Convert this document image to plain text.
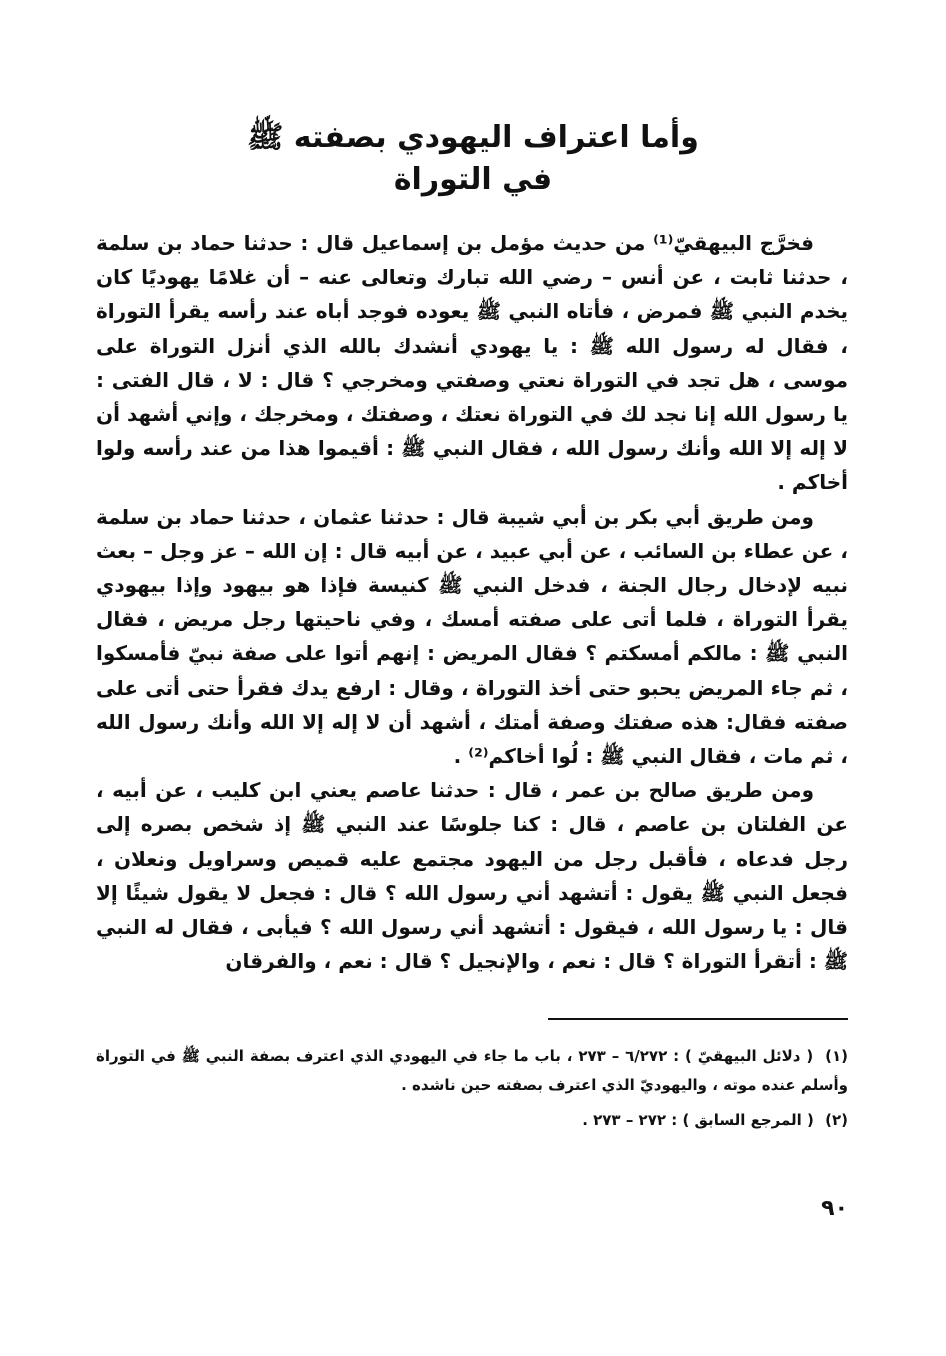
وأما اعتراف اليهودي بصفته ﷺ
في التوراة

فخرَّج البيهقيّ⁽¹⁾ من حديث مؤمل بن إسماعيل قال : حدثنا حماد بن سلمة ، حدثنا ثابت ، عن أنس – رضي الله تبارك وتعالى عنه – أن غلامًا يهوديًا كان يخدم النبي ﷺ فمرض ، فأتاه النبي ﷺ يعوده فوجد أباه عند رأسه يقرأ التوراة ، فقال له رسول الله ﷺ : يا يهودي أنشدك بالله الذي أنزل التوراة على موسى ، هل تجد في التوراة نعتي وصفتي ومخرجي ؟ قال : لا ، قال الفتى : يا رسول الله إنا نجد لك في التوراة نعتك ، وصفتك ، ومخرجك ، وإني أشهد أن لا إله إلا الله وأنك رسول الله ، فقال النبي ﷺ : أقيموا هذا من عند رأسه ولوا أخاكم .

ومن طريق أبي بكر بن أبي شيبة قال : حدثنا عثمان ، حدثنا حماد بن سلمة ، عن عطاء بن السائب ، عن أبي عبيد ، عن أبيه قال : إن الله – عز وجل – بعث نبيه لإدخال رجال الجنة ، فدخل النبي ﷺ كنيسة فإذا هو بيهود وإذا بيهودي يقرأ التوراة ، فلما أتى على صفته أمسك ، وفي ناحيتها رجل مريض ، فقال النبي ﷺ : مالكم أمسكتم ؟ فقال المريض : إنهم أتوا على صفة نبيّ فأمسكوا ، ثم جاء المريض يحبو حتى أخذ التوراة ، وقال : ارفع يدك فقرأ حتى أتى على صفته فقال: هذه صفتك وصفة أمتك ، أشهد أن لا إله إلا الله وأنك رسول الله ، ثم مات ، فقال النبي ﷺ : لُوا أخاكم⁽²⁾ .

ومن طريق صالح بن عمر ، قال : حدثنا عاصم يعني ابن كليب ، عن أبيه ، عن الفلتان بن عاصم ، قال : كنا جلوسًا عند النبي ﷺ إذ شخص بصره إلى رجل فدعاه ، فأقبل رجل من اليهود مجتمع عليه قميص وسراويل ونعلان ، فجعل النبي ﷺ يقول : أتشهد أني رسول الله ؟ قال : فجعل لا يقول شيئًا إلا قال : يا رسول الله ، فيقول : أتشهد أني رسول الله ؟ فيأبى ، فقال له النبي ﷺ : أتقرأ التوراة ؟ قال : نعم ، والإنجيل ؟ قال : نعم ، والفرقان

(١) ( دلائل البيهقيّ ) : ٦/٢٧٢ – ٢٧٣ ، باب ما جاء في اليهودي الذي اعترف بصفة النبي ﷺ في التوراة وأسلم عنده موته ، واليهوديّ الذي اعترف بصفته حين ناشده .

(٢) ( المرجع السابق ) : ٢٧٢ – ٢٧٣ .

٩٠
